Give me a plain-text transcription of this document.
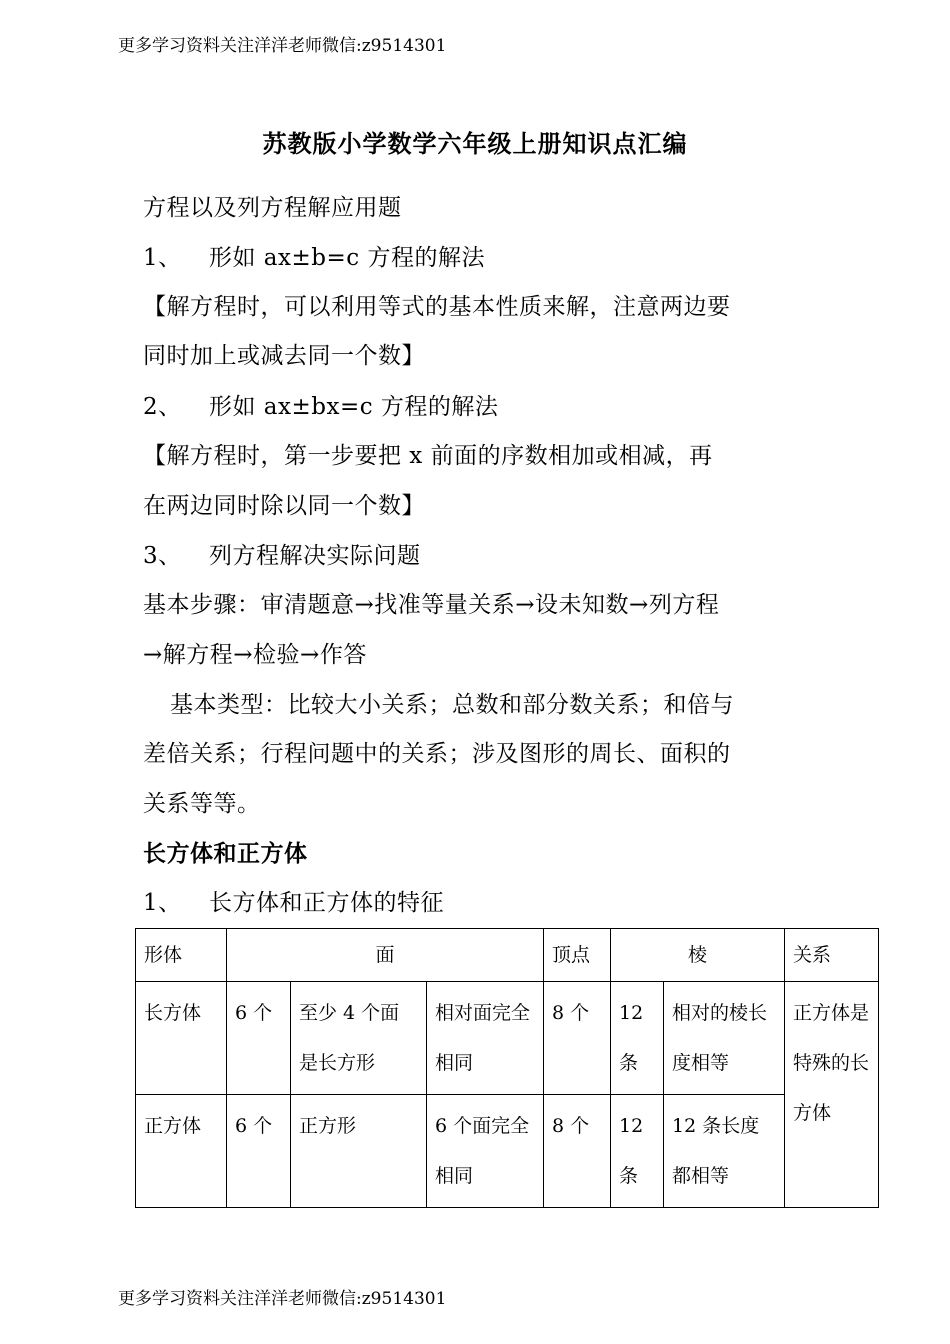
更多学习资料关注洋洋老师微信:z9514301
苏教版小学数学六年级上册知识点汇编
方程以及列方程解应用题
1、 形如 ax±b=c 方程的解法
【解方程时，可以利用等式的基本性质来解，注意两边要
同时加上或减去同一个数】
2、 形如 ax±bx=c 方程的解法
【解方程时，第一步要把 x 前面的序数相加或相减，再
在两边同时除以同一个数】
3、 列方程解决实际问题
基本步骤：审清题意→找准等量关系→设未知数→列方程
→解方程→检验→作答
基本类型：比较大小关系；总数和部分数关系；和倍与
差倍关系；行程问题中的关系；涉及图形的周长、面积的
关系等等。
长方体和正方体
1、 长方体和正方体的特征
形体	面			顶点	棱		关系
长方体	6 个	至少 4 个面是长方形	相对面完全相同	8 个	12 条	相对的棱长度相等	正方体是特殊的长方体
正方体	6 个	正方形	6 个面完全相同	8 个	12 条	12 条长度都相等	
更多学习资料关注洋洋老师微信:z9514301
